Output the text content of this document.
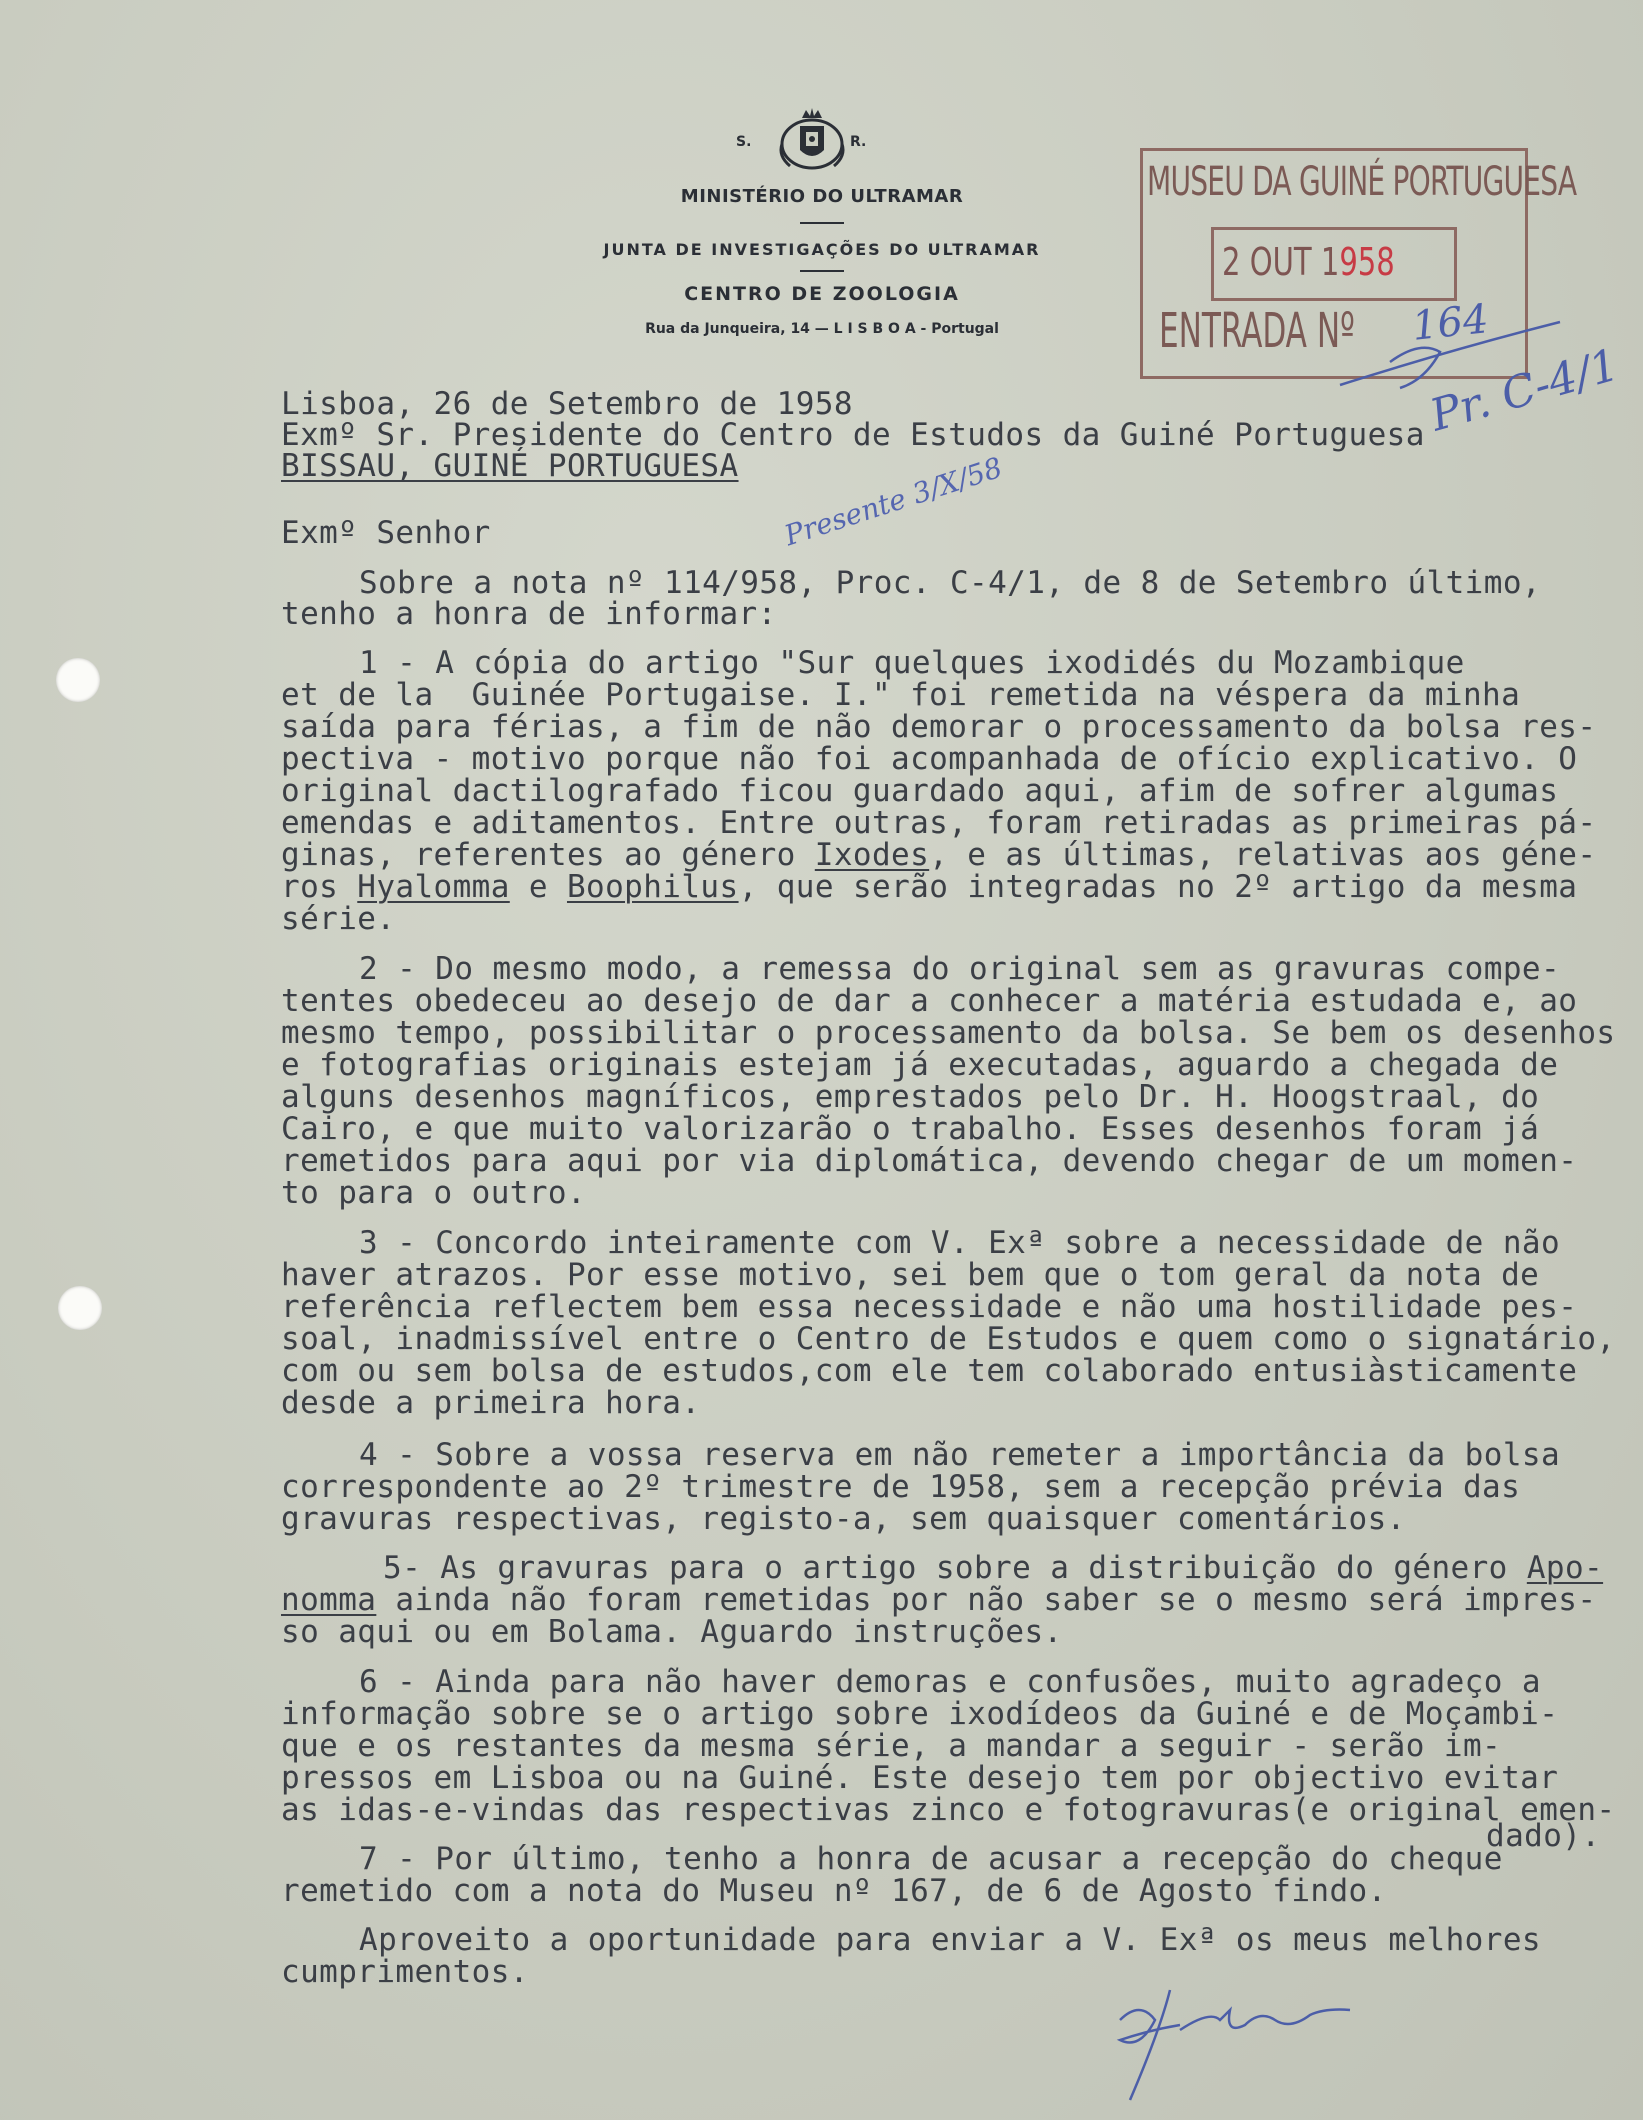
S.	R.
MINISTÉRIO DO ULTRAMAR
JUNTA DE INVESTIGAÇÕES DO ULTRAMAR
CENTRO DE ZOOLOGIA
Rua da Junqueira, 14 — L I S B O A - Portugal
MUSEU DA GUINÉ PORTUGUESA
2 OUT 1958
ENTRADA Nº 164
Pr. C-4/1
Presente 3/X/58
Lisboa, 26 de Setembro de 1958
Exmº Sr. Presidente do Centro de Estudos da Guiné Portuguesa
BISSAU, GUINÉ PORTUGUESA
Exmº Senhor
Sobre a nota nº 114/958, Proc. C-4/1, de 8 de Setembro último,
tenho a honra de informar:
1 - A cópia do artigo "Sur quelques ixodidés du Mozambique
et de la  Guinée Portugaise. I." foi remetida na véspera da minha
saída para férias, a fim de não demorar o processamento da bolsa res-
pectiva - motivo porque não foi acompanhada de ofício explicativo. O
original dactilografado ficou guardado aqui, afim de sofrer algumas
emendas e aditamentos. Entre outras, foram retiradas as primeiras pá-
ginas, referentes ao género Ixodes, e as últimas, relativas aos géne-
ros Hyalomma e Boophilus, que serão integradas no 2º artigo da mesma
série.
2 - Do mesmo modo, a remessa do original sem as gravuras compe-
tentes obedeceu ao desejo de dar a conhecer a matéria estudada e, ao
mesmo tempo, possibilitar o processamento da bolsa. Se bem os desenhos
e fotografias originais estejam já executadas, aguardo a chegada de
alguns desenhos magníficos, emprestados pelo Dr. H. Hoogstraal, do
Cairo, e que muito valorizarão o trabalho. Esses desenhos foram já
remetidos para aqui por via diplomática, devendo chegar de um momen-
to para o outro.
3 - Concordo inteiramente com V. Exª sobre a necessidade de não
haver atrazos. Por esse motivo, sei bem que o tom geral da nota de
referência reflectem bem essa necessidade e não uma hostilidade pes-
soal, inadmissível entre o Centro de Estudos e quem como o signatário,
com ou sem bolsa de estudos,com ele tem colaborado entusiàsticamente
desde a primeira hora.
4 - Sobre a vossa reserva em não remeter a importância da bolsa
correspondente ao 2º trimestre de 1958, sem a recepção prévia das
gravuras respectivas, registo-a, sem quaisquer comentários.
5- As gravuras para o artigo sobre a distribuição do género Apo-
nomma ainda não foram remetidas por não saber se o mesmo será impres-
so aqui ou em Bolama. Aguardo instruções.
6 - Ainda para não haver demoras e confusões, muito agradeço a
informação sobre se o artigo sobre ixodídeos da Guiné e de Moçambi-
que e os restantes da mesma série, a mandar a seguir - serão im-
pressos em Lisboa ou na Guiné. Este desejo tem por objectivo evitar
as idas-e-vindas das respectivas zinco e fotogravuras(e original emen-
dado).
7 - Por último, tenho a honra de acusar a recepção do cheque
remetido com a nota do Museu nº 167, de 6 de Agosto findo.
Aproveito a oportunidade para enviar a V. Exª os meus melhores
cumprimentos.
